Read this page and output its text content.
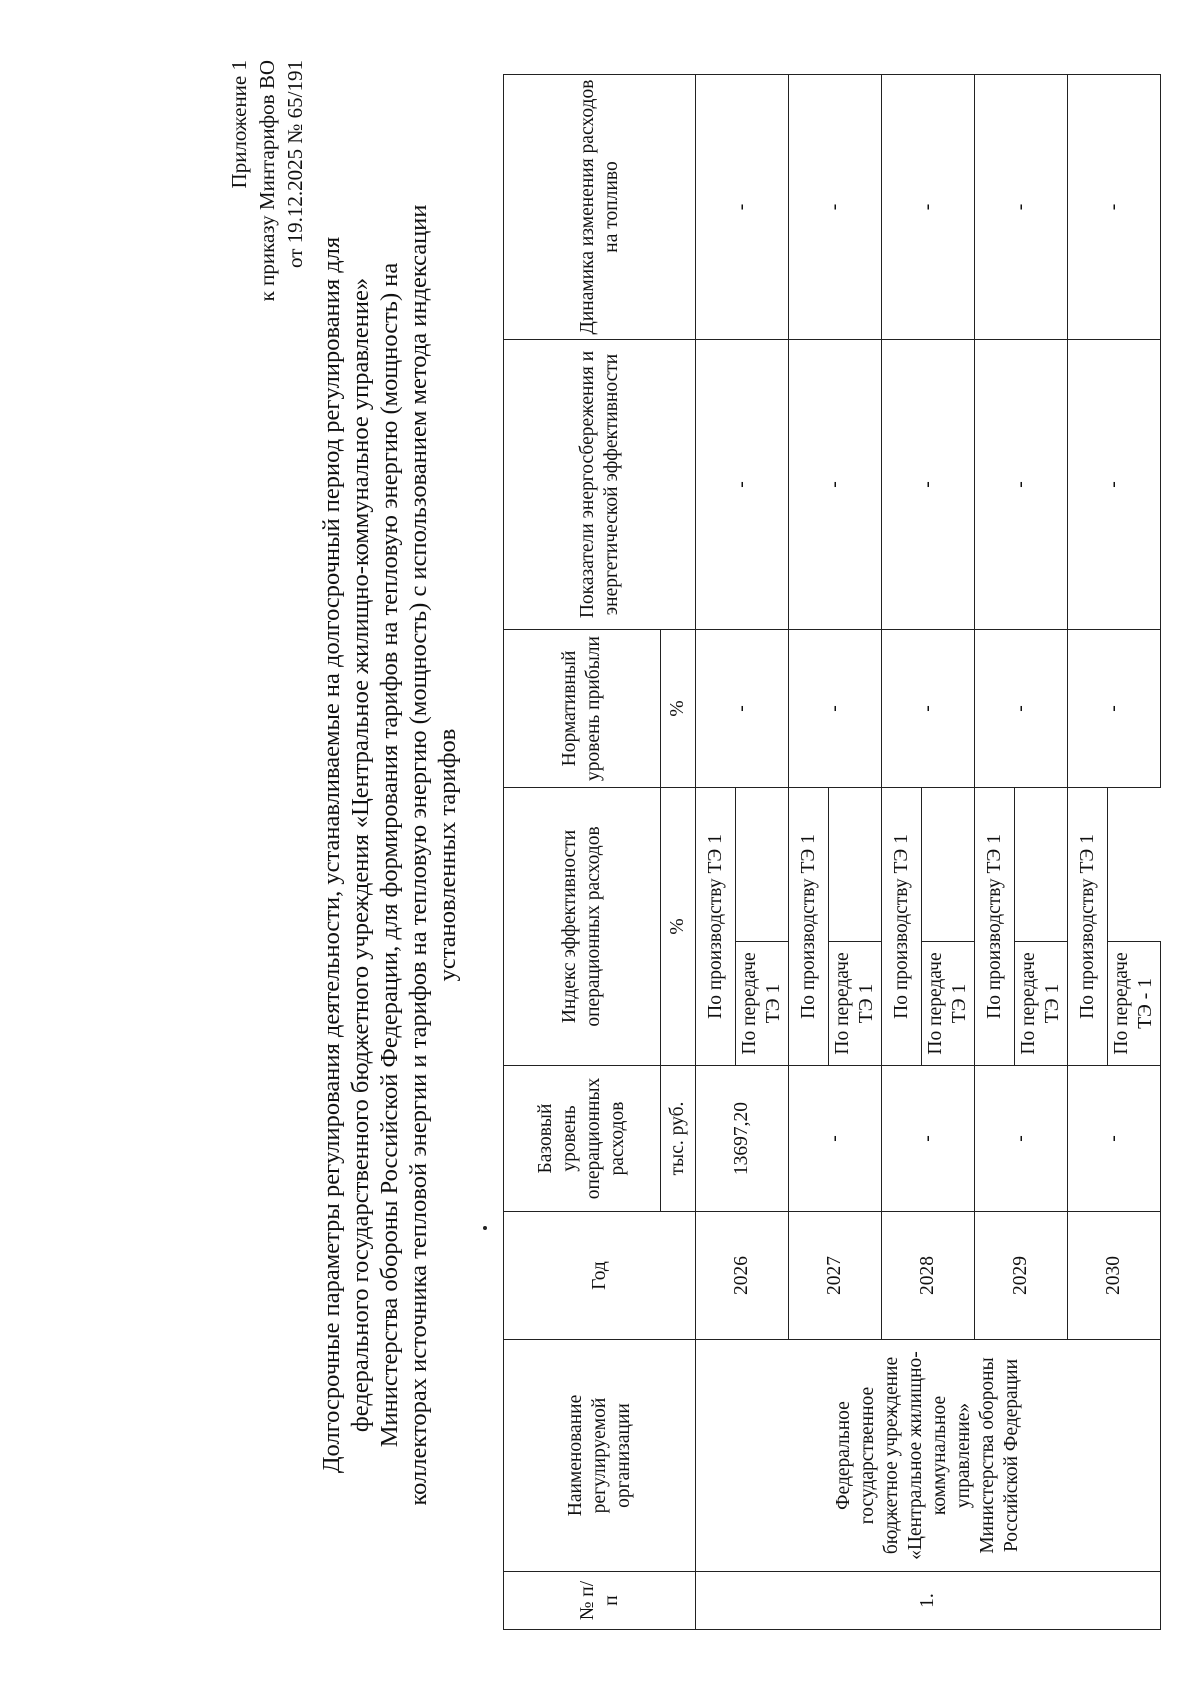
Приложение 1 к приказу Минтарифов ВО от 19.12.2025 № 65/191
Долгосрочные параметры регулирования деятельности, устанавливаемые на долгосрочный период регулирования для федерального государственного бюджетного учреждения «Центральное жилищно-коммунальное управление» Министерства обороны Российской Федерации, для формирования тарифов на тепловую энергию (мощность) на коллекторах источника тепловой энергии и тарифов на тепловую энергию (мощность) с использованием метода индексации установленных тарифов
№ п/п	Наименование регулируемой организации	Год	Базовый уровень операционных расходов	Индекс эффективности операционных расходов	Нормативный уровень прибыли	Показатели энергосбережения и энергетической эффективности	Динамика изменения расходов на топливо
			тыс. руб.	%	%		
1.	Федеральное государственное бюджетное учреждение «Центральное жилищно-коммунальное управление» Министерства обороны Российской Федерации	2026	13697,20	По производству ТЭ 1	-	-	-
				По передаче ТЭ 1			
		2027	-	По производству ТЭ 1	-	-	-
				По передаче ТЭ 1			
		2028	-	По производству ТЭ 1	-	-	-
				По передаче ТЭ 1			
		2029	-	По производству ТЭ 1	-	-	-
				По передаче ТЭ 1			
		2030	-	По производству ТЭ 1	-	-	-
				По передаче ТЭ - 1			
